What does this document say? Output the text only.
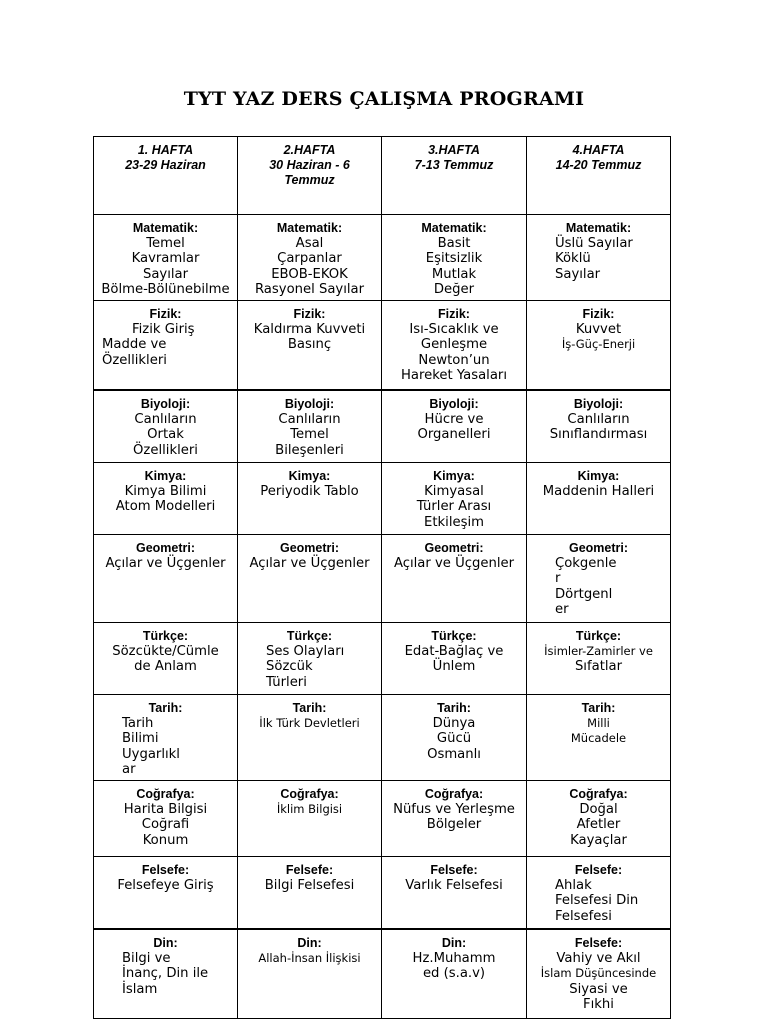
TYT YAZ DERS ÇALIŞMA PROGRAMI
1. HAFTA
23-29 Haziran	2.HAFTA
30 Haziran - 6
Temmuz	3.HAFTA
7-13 Temmuz	4.HAFTA
14-20 Temmuz

Matematik:
Temel
Kavramlar
Sayılar
Bölme-Bölünebilme	Matematik:
Asal
Çarpanlar
EBOB-EKOK
Rasyonel Sayılar	Matematik:
Basit
Eşitsizlik
Mutlak
Değer	Matematik:
Üslü Sayılar
Köklü
Sayılar

Fizik:
Fizik Giriş
Madde ve
Özellikleri	Fizik:
Kaldırma Kuvveti
Basınç	Fizik:
Isı-Sıcaklık ve
Genleşme
Newton’un
Hareket Yasaları	Fizik:
Kuvvet
İş-Güç-Enerji

Biyoloji:
Canlıların
Ortak
Özellikleri	Biyoloji:
Canlıların
Temel
Bileşenleri	Biyoloji:
Hücre ve
Organelleri	Biyoloji:
Canlıların
Sınıflandırması

Kimya:
Kimya Bilimi
Atom Modelleri	Kimya:
Periyodik Tablo	Kimya:
Kimyasal
Türler Arası
Etkileşim	Kimya:
Maddenin Halleri

Geometri:
Açılar ve Üçgenler	Geometri:
Açılar ve Üçgenler	Geometri:
Açılar ve Üçgenler	Geometri:
Çokgenle
r
Dörtgenl
er

Türkçe:
Sözcükte/Cümle
de Anlam	Türkçe:
Ses Olayları
Sözcük
Türleri	Türkçe:
Edat-Bağlaç ve
Ünlem	Türkçe:
İsimler-Zamirler ve
Sıfatlar

Tarih:
Tarih
Bilimi
Uygarlıkl
ar	Tarih:
İlk Türk Devletleri	Tarih:
Dünya
Gücü
Osmanlı	Tarih:
Milli
Mücadele

Coğrafya:
Harita Bilgisi
Coğrafi
Konum	Coğrafya:
İklim Bilgisi	Coğrafya:
Nüfus ve Yerleşme
Bölgeler	Coğrafya:
Doğal
Afetler
Kayaçlar

Felsefe:
Felsefeye Giriş	Felsefe:
Bilgi Felsefesi	Felsefe:
Varlık Felsefesi	Felsefe:
Ahlak
Felsefesi Din
Felsefesi

Din:
Bilgi ve
İnanç, Din ile
İslam	Din:
Allah-İnsan İlişkisi	Din:
Hz.Muhamm
ed (s.a.v)	Felsefe:
Vahiy ve Akıl
İslam Düşüncesinde
Siyasi ve
Fıkhi
